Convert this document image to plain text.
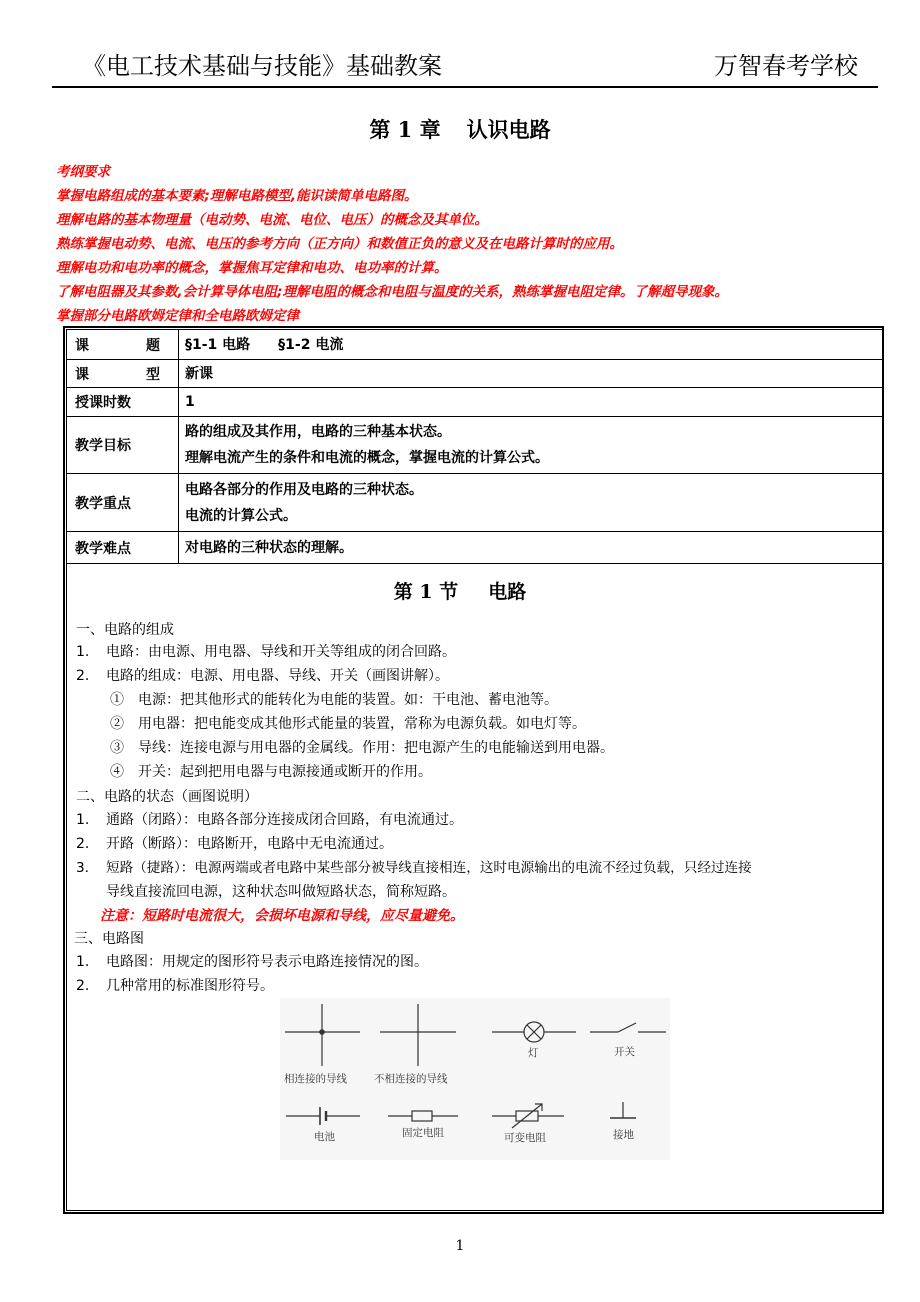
《电工技术基础与技能》基础教案	万智春考学校
第 1 章 认识电路
考纲要求
掌握电路组成的基本要素;理解电路模型,能识读简单电路图。
理解电路的基本物理量（电动势、电流、电位、电压）的概念及其单位。
熟练掌握电动势、电流、电压的参考方向（正方向）和数值正负的意义及在电路计算时的应用。
理解电功和电功率的概念，掌握焦耳定律和电功、电功率的计算。
了解电阻器及其参数,会计算导体电阻;理解电阻的概念和电阻与温度的关系，熟练掌握电阻定律。了解超导现象。
掌握部分电路欧姆定律和全电路欧姆定律
课题	§1-1 电路　　§1-2 电流

课型	新课

授课时数	1

教学目标	路的组成及其作用，电路的三种基本状态。
理解电流产生的条件和电流的概念，掌握电流的计算公式。

教学重点	电路各部分的作用及电路的三种状态。
电流的计算公式。

教学难点	对电路的三种状态的理解。
第 1 节 电路
一、电路的组成
1. 电路：由电源、用电器、导线和开关等组成的闭合回路。
2. 电路的组成：电源、用电器、导线、开关（画图讲解）。
①　电源：把其他形式的能转化为电能的装置。如：干电池、蓄电池等。
②　用电器：把电能变成其他形式能量的装置，常称为电源负载。如电灯等。
③　导线：连接电源与用电器的金属线。作用：把电源产生的电能输送到用电器。
④　开关：起到把用电器与电源接通或断开的作用。
二、电路的状态（画图说明）
1. 通路（闭路）：电路各部分连接成闭合回路，有电流通过。
2. 开路（断路）：电路断开，电路中无电流通过。
3. 短路（捷路）：电源两端或者电路中某些部分被导线直接相连，这时电源输出的电流不经过负载，只经过连接
导线直接流回电源，这种状态叫做短路状态，简称短路。
注意：短路时电流很大，会损坏电源和导线，应尽量避免。
三、电路图
1. 电路图：用规定的图形符号表示电路连接情况的图。
2. 几种常用的标准图形符号。
相连接的导线	不相连接的导线
灯	开关
电池	固定电阻	可变电阻	接地
1
